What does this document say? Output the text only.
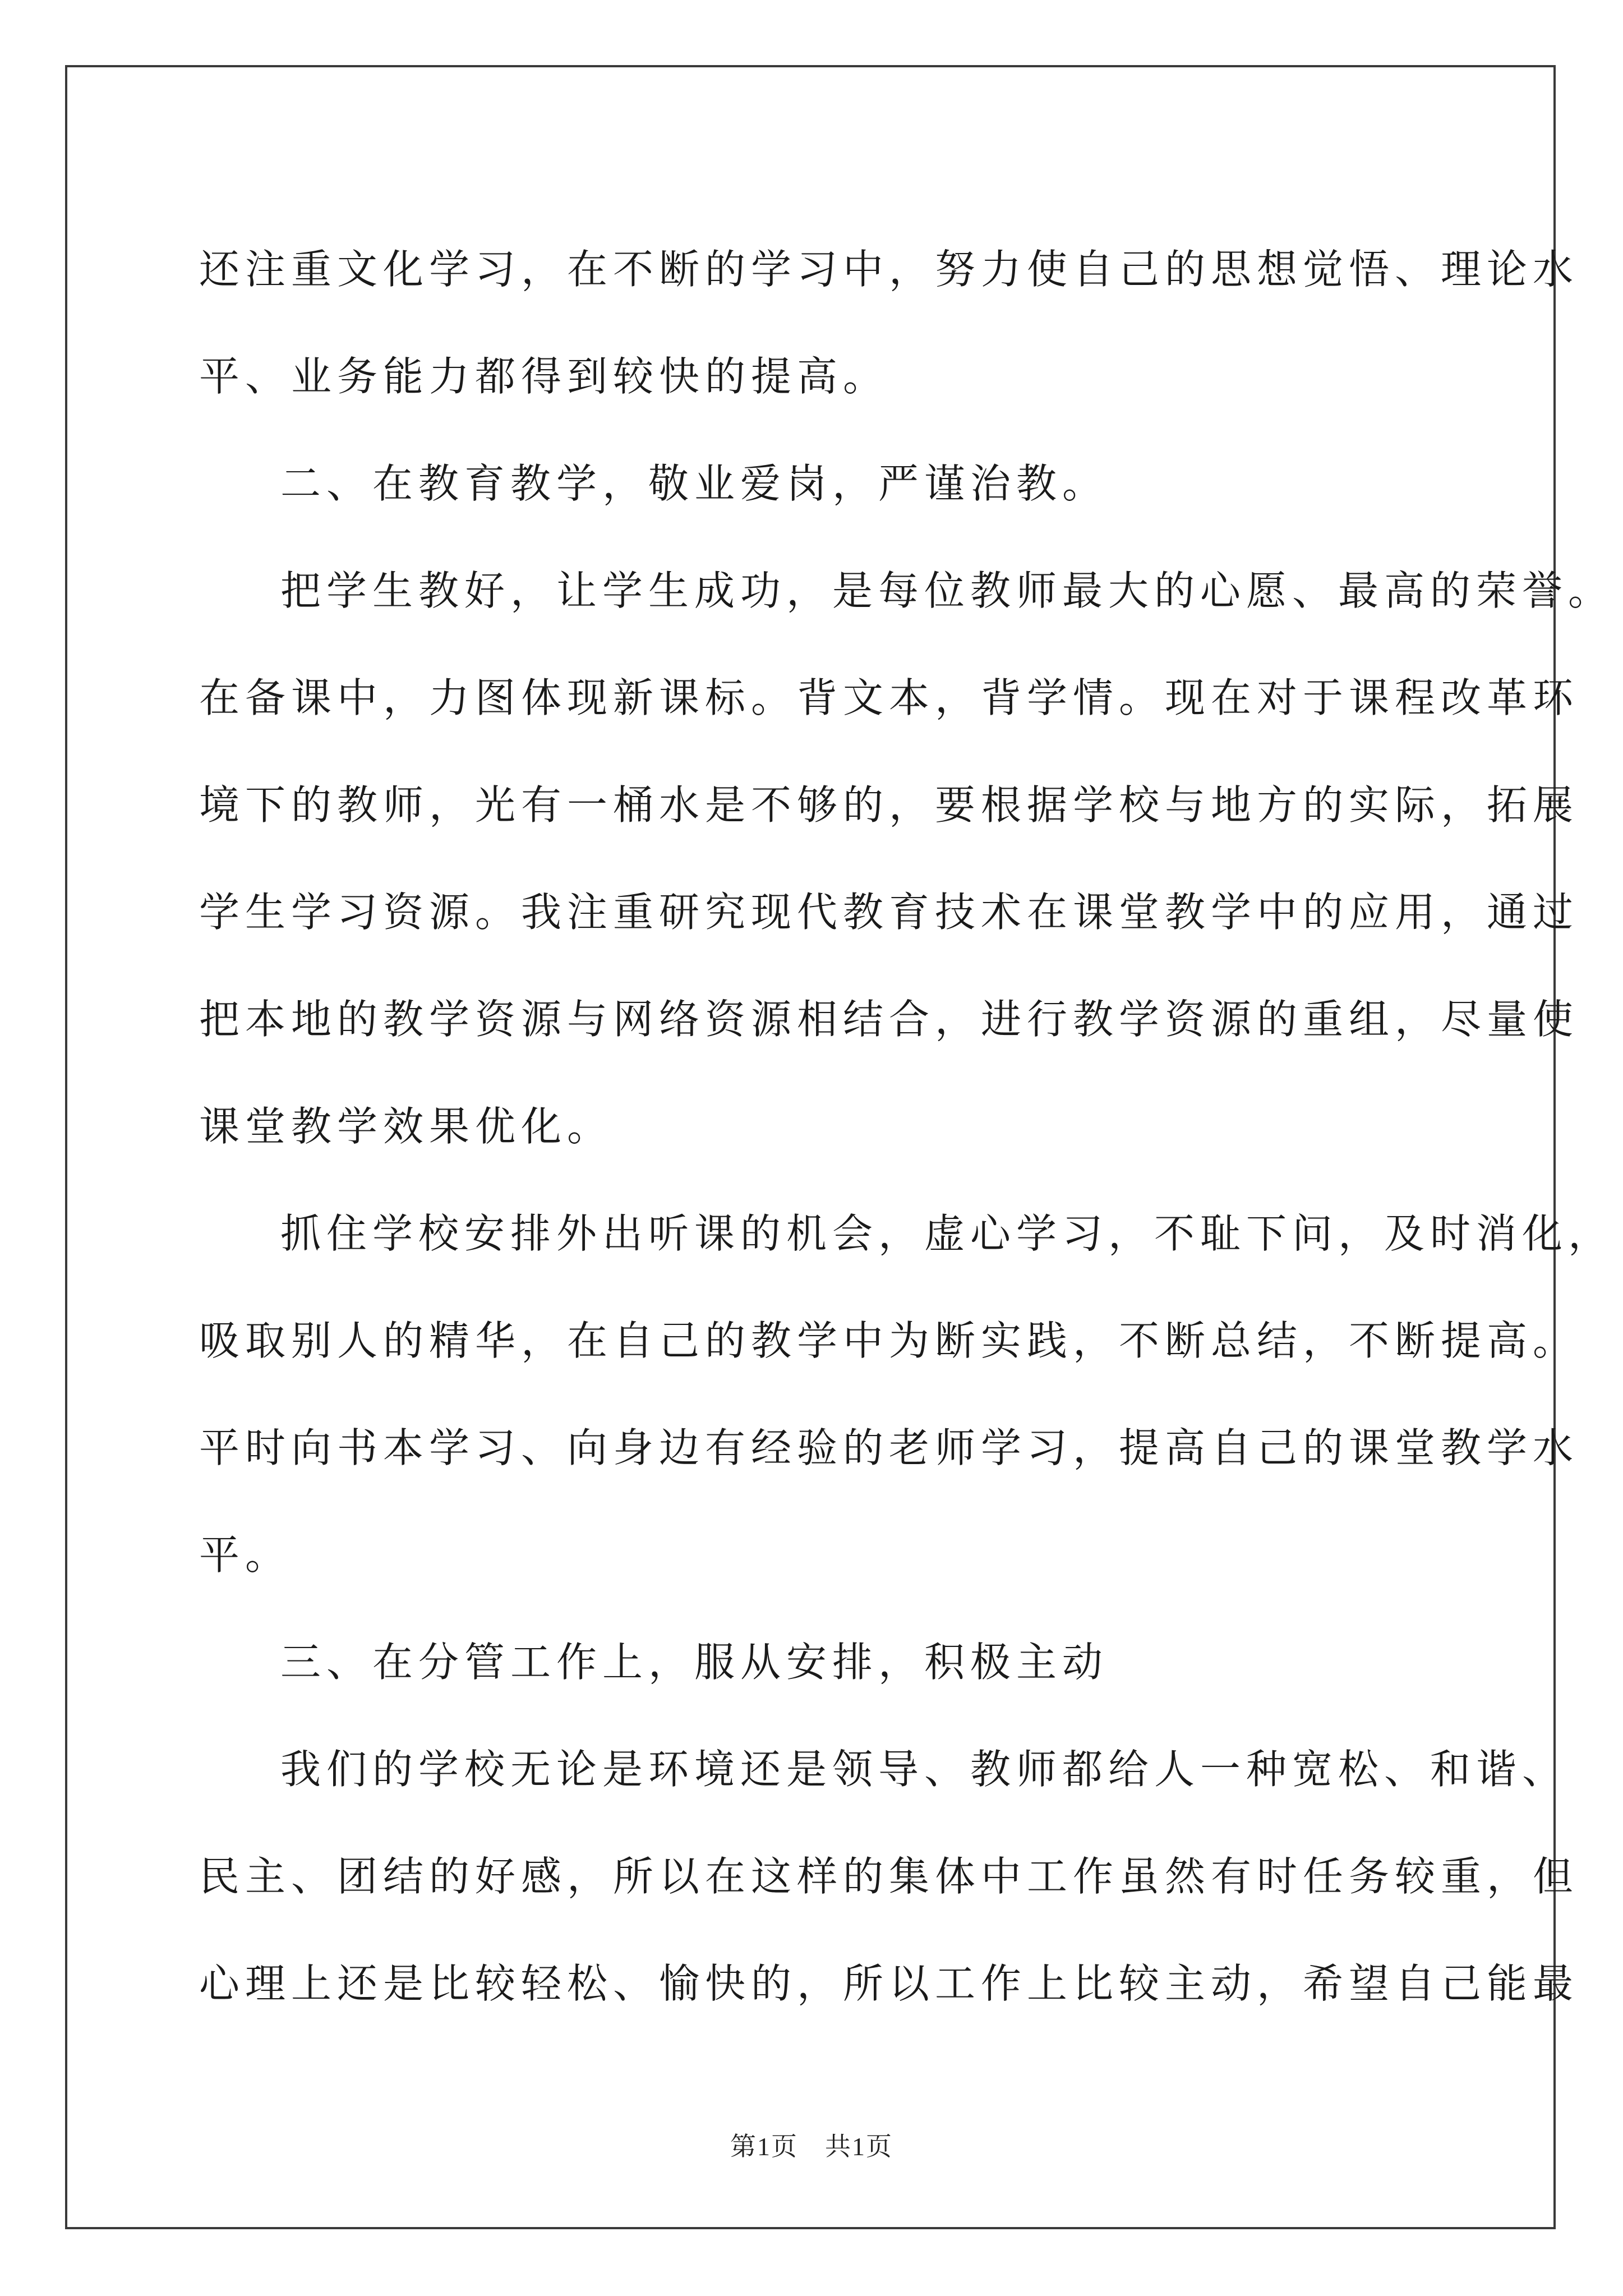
还注重文化学习，在不断的学习中，努力使自己的思想觉悟、理论水
平、业务能力都得到较快的提高。
二、在教育教学，敬业爱岗，严谨治教。
把学生教好，让学生成功，是每位教师最大的心愿、最高的荣誉。
在备课中，力图体现新课标。背文本，背学情。现在对于课程改革环
境下的教师，光有一桶水是不够的，要根据学校与地方的实际，拓展
学生学习资源。我注重研究现代教育技术在课堂教学中的应用，通过
把本地的教学资源与网络资源相结合，进行教学资源的重组，尽量使
课堂教学效果优化。
抓住学校安排外出听课的机会，虚心学习，不耻下问，及时消化，
吸取别人的精华，在自己的教学中为断实践，不断总结，不断提高。
平时向书本学习、向身边有经验的老师学习，提高自己的课堂教学水
平。
三、在分管工作上，服从安排，积极主动
我们的学校无论是环境还是领导、教师都给人一种宽松、和谐、
民主、团结的好感，所以在这样的集体中工作虽然有时任务较重，但
心理上还是比较轻松、愉快的，所以工作上比较主动，希望自己能最
第1页 共1页
